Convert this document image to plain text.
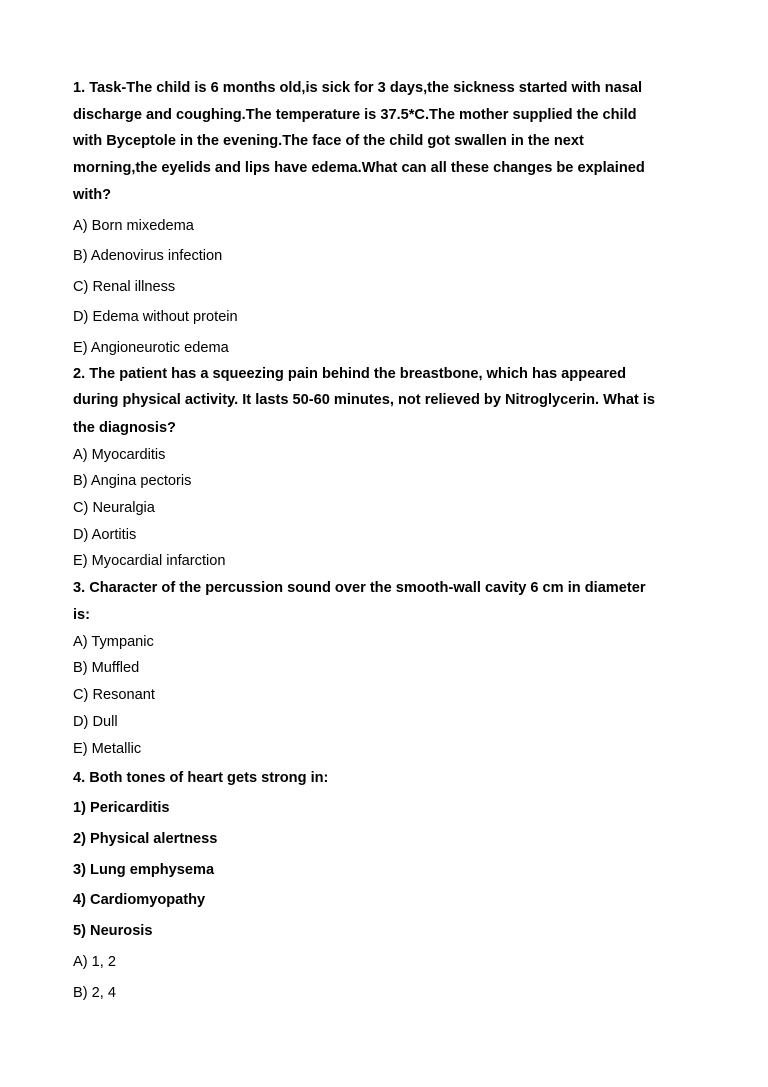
1. Task-The child is 6 months old,is sick for 3 days,the sickness started with nasal
discharge and coughing.The temperature is 37.5*C.The mother supplied the child
with Byceptole in the evening.The face of the child got swallen in the next
morning,the eyelids and lips have edema.What can all these changes be explained
with?
A) Born mixedema
B) Adenovirus infection
C) Renal illness
D) Edema without protein
E) Angioneurotic edema
2. The patient has a squeezing pain behind the breastbone, which has appeared
during physical activity. It lasts 50-60 minutes, not relieved by Nitroglycerin. What is
the diagnosis?
A) Myocarditis
B) Angina pectoris
C) Neuralgia
D) Aortitis
E) Myocardial infarction
3. Character of the percussion sound over the smooth-wall cavity 6 cm in diameter
is:
A) Tympanic
B) Muffled
C) Resonant
D) Dull
E) Metallic
4. Both tones of heart gets strong in:
1) Pericarditis
2) Physical alertness
3) Lung emphysema
4) Cardiomyopathy
5) Neurosis
A) 1, 2
B) 2, 4
